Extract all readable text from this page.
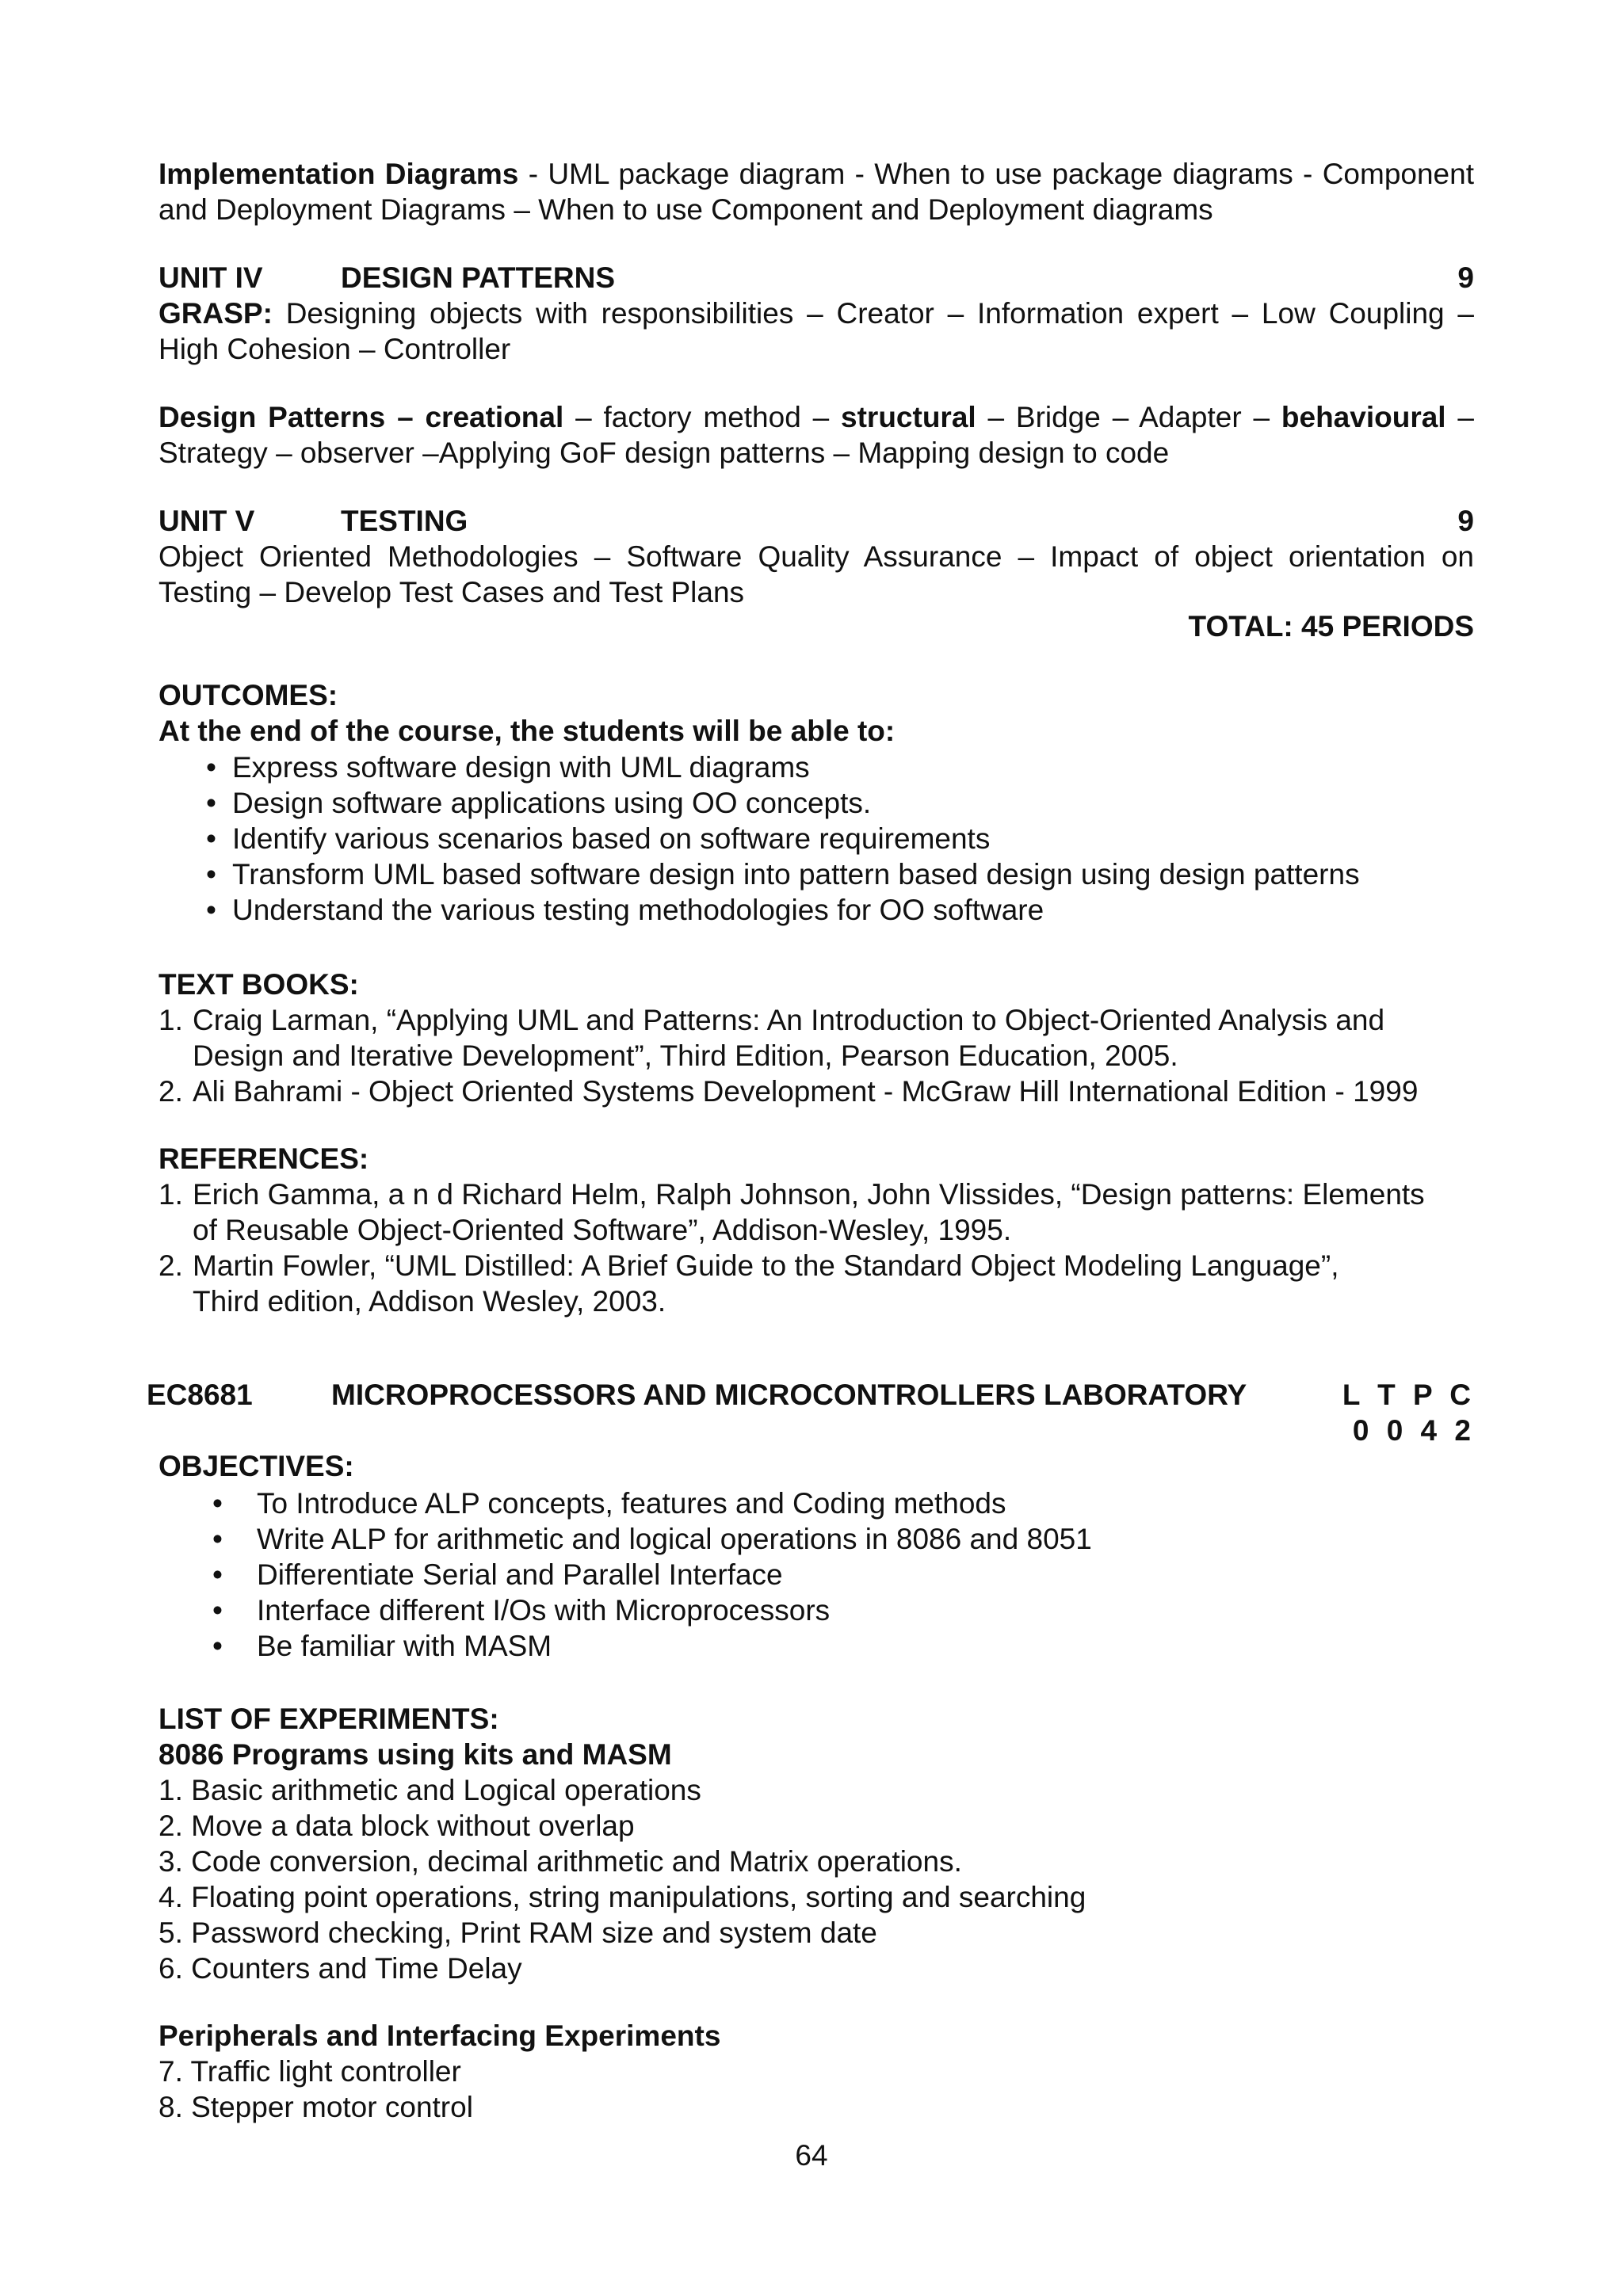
Implementation Diagrams - UML package diagram - When to use package diagrams - Component and Deployment Diagrams – When to use Component and Deployment diagrams
UNIT IV	DESIGN PATTERNS	9
GRASP: Designing objects with responsibilities – Creator – Information expert – Low Coupling – High Cohesion – Controller
Design Patterns – creational – factory method – structural – Bridge – Adapter – behavioural – Strategy – observer –Applying GoF design patterns – Mapping design to code
UNIT V	TESTING	9
Object Oriented Methodologies – Software Quality Assurance – Impact of object orientation on Testing – Develop Test Cases and Test Plans
TOTAL: 45 PERIODS
OUTCOMES:
At the end of the course, the students will be able to:
• Express software design with UML diagrams
• Design software applications using OO concepts.
• Identify various scenarios based on software requirements
• Transform UML based software design into pattern based design using design patterns
• Understand the various testing methodologies for OO software
TEXT BOOKS:
1. Craig Larman, “Applying UML and Patterns: An Introduction to Object-Oriented Analysis and
Design and Iterative Development”, Third Edition, Pearson Education, 2005.
2. Ali Bahrami - Object Oriented Systems Development - McGraw Hill International Edition - 1999
REFERENCES:
1. Erich Gamma, a n d Richard Helm, Ralph Johnson, John Vlissides, “Design patterns: Elements
of Reusable Object-Oriented Software”, Addison-Wesley, 1995.
2. Martin Fowler, “UML Distilled: A Brief Guide to the Standard Object Modeling Language”,
Third edition, Addison Wesley, 2003.
EC8681	MICROPROCESSORS AND MICROCONTROLLERS LABORATORY	L T P C
0 0 4 2
OBJECTIVES:
• To Introduce ALP concepts, features and Coding methods
• Write ALP for arithmetic and logical operations in 8086 and 8051
• Differentiate Serial and Parallel Interface
• Interface different I/Os with Microprocessors
• Be familiar with MASM
LIST OF EXPERIMENTS:
8086 Programs using kits and MASM
1. Basic arithmetic and Logical operations
2. Move a data block without overlap
3. Code conversion, decimal arithmetic and Matrix operations.
4. Floating point operations, string manipulations, sorting and searching
5. Password checking, Print RAM size and system date
6. Counters and Time Delay
Peripherals and Interfacing Experiments
7. Traffic light controller
8. Stepper motor control
64
